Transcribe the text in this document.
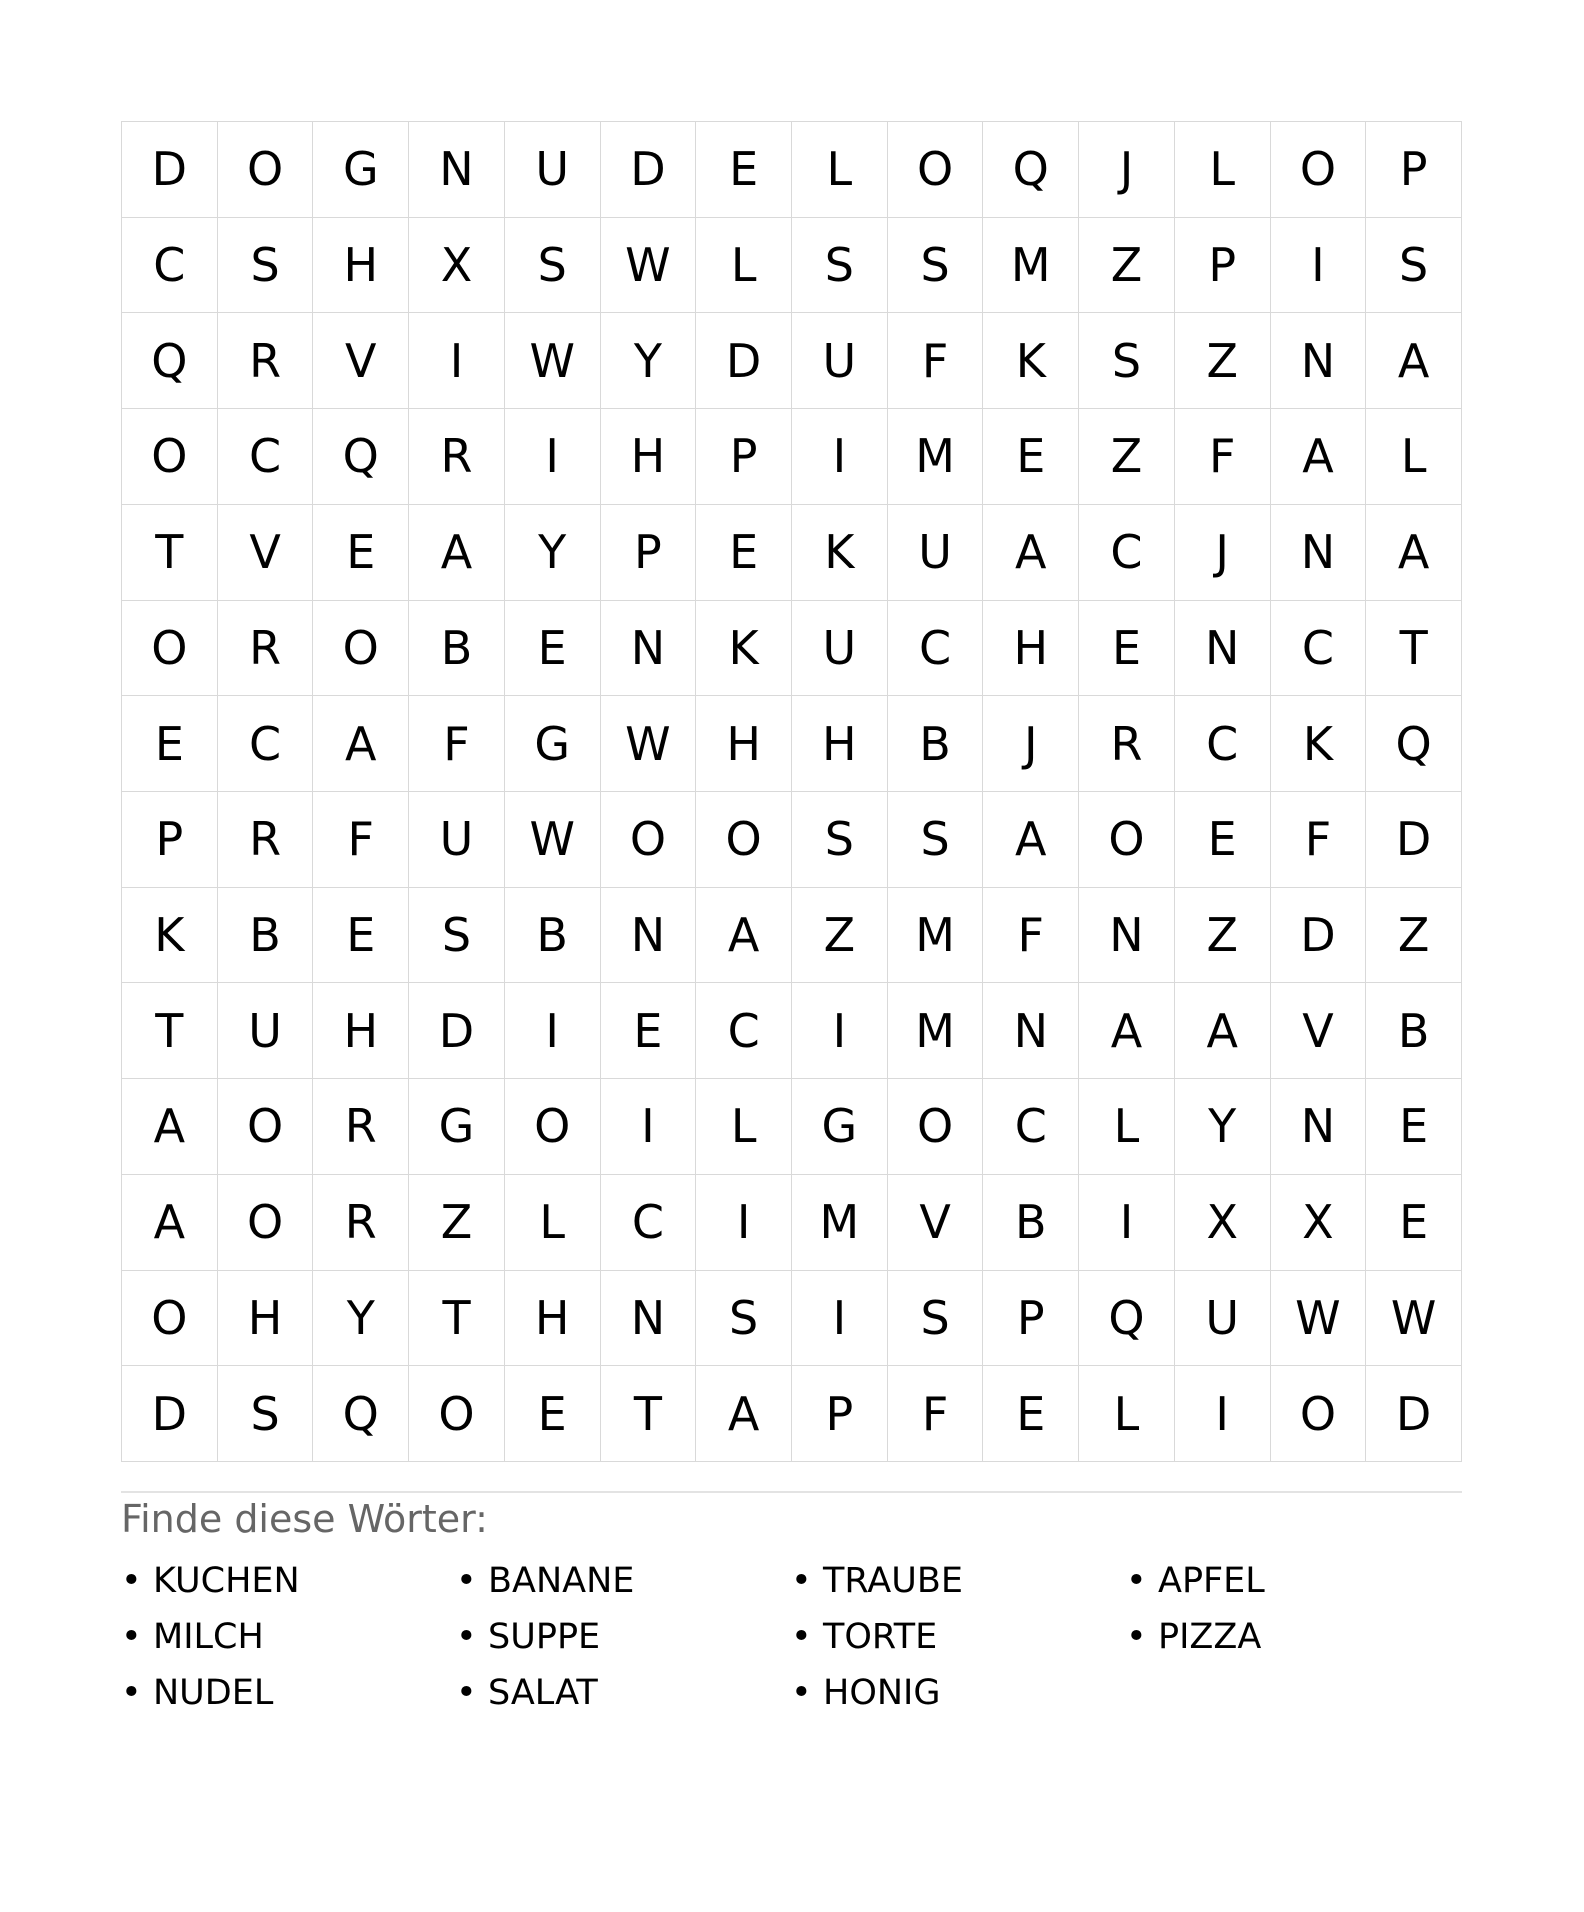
D	O	G	N	U	D	E	L	O	Q	J	L	O	P
C	S	H	X	S	W	L	S	S	M	Z	P	I	S
Q	R	V	I	W	Y	D	U	F	K	S	Z	N	A
O	C	Q	R	I	H	P	I	M	E	Z	F	A	L
T	V	E	A	Y	P	E	K	U	A	C	J	N	A
O	R	O	B	E	N	K	U	C	H	E	N	C	T
E	C	A	F	G	W	H	H	B	J	R	C	K	Q
P	R	F	U	W	O	O	S	S	A	O	E	F	D
K	B	E	S	B	N	A	Z	M	F	N	Z	D	Z
T	U	H	D	I	E	C	I	M	N	A	A	V	B
A	O	R	G	O	I	L	G	O	C	L	Y	N	E
A	O	R	Z	L	C	I	M	V	B	I	X	X	E
O	H	Y	T	H	N	S	I	S	P	Q	U	W	W
D	S	Q	O	E	T	A	P	F	E	L	I	O	D
Finde diese Wörter:
• KUCHEN
• MILCH
• NUDEL
• BANANE
• SUPPE
• SALAT
• TRAUBE
• TORTE
• HONIG
• APFEL
• PIZZA
